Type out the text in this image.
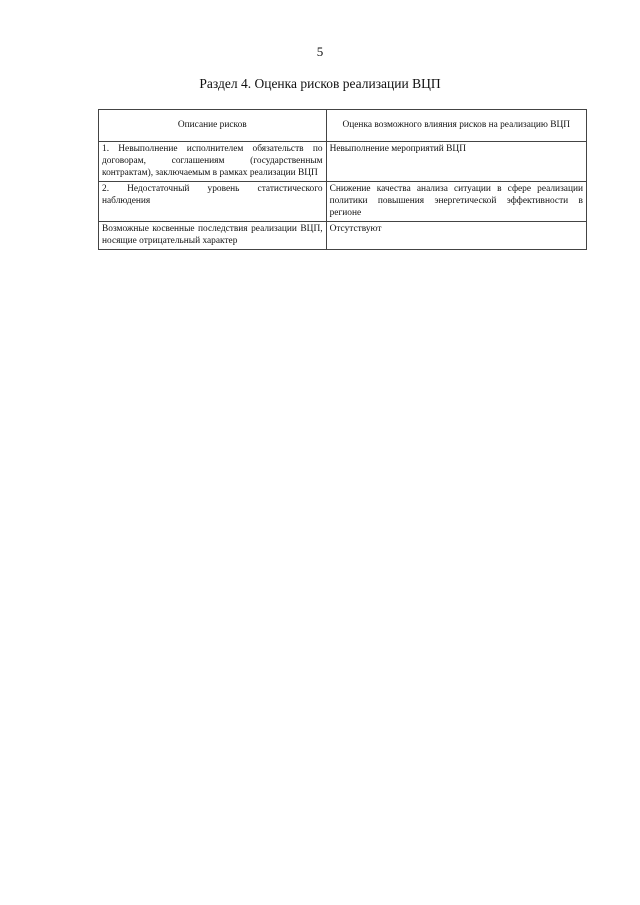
5
Раздел 4. Оценка рисков реализации ВЦП
Описание рисков	Оценка возможного влияния рисков на реализацию ВЦП
1. Невыполнение исполнителем обязательств по договорам, соглашениям (государственным контрактам), заключаемым в рамках реализации ВЦП	Невыполнение мероприятий ВЦП
2. Недостаточный уровень статистического наблюдения	Снижение качества анализа ситуации в сфере реализации политики повышения энергетической эффективности в регионе
Возможные косвенные последствия реализации ВЦП, носящие отрицательный характер	Отсутствуют
